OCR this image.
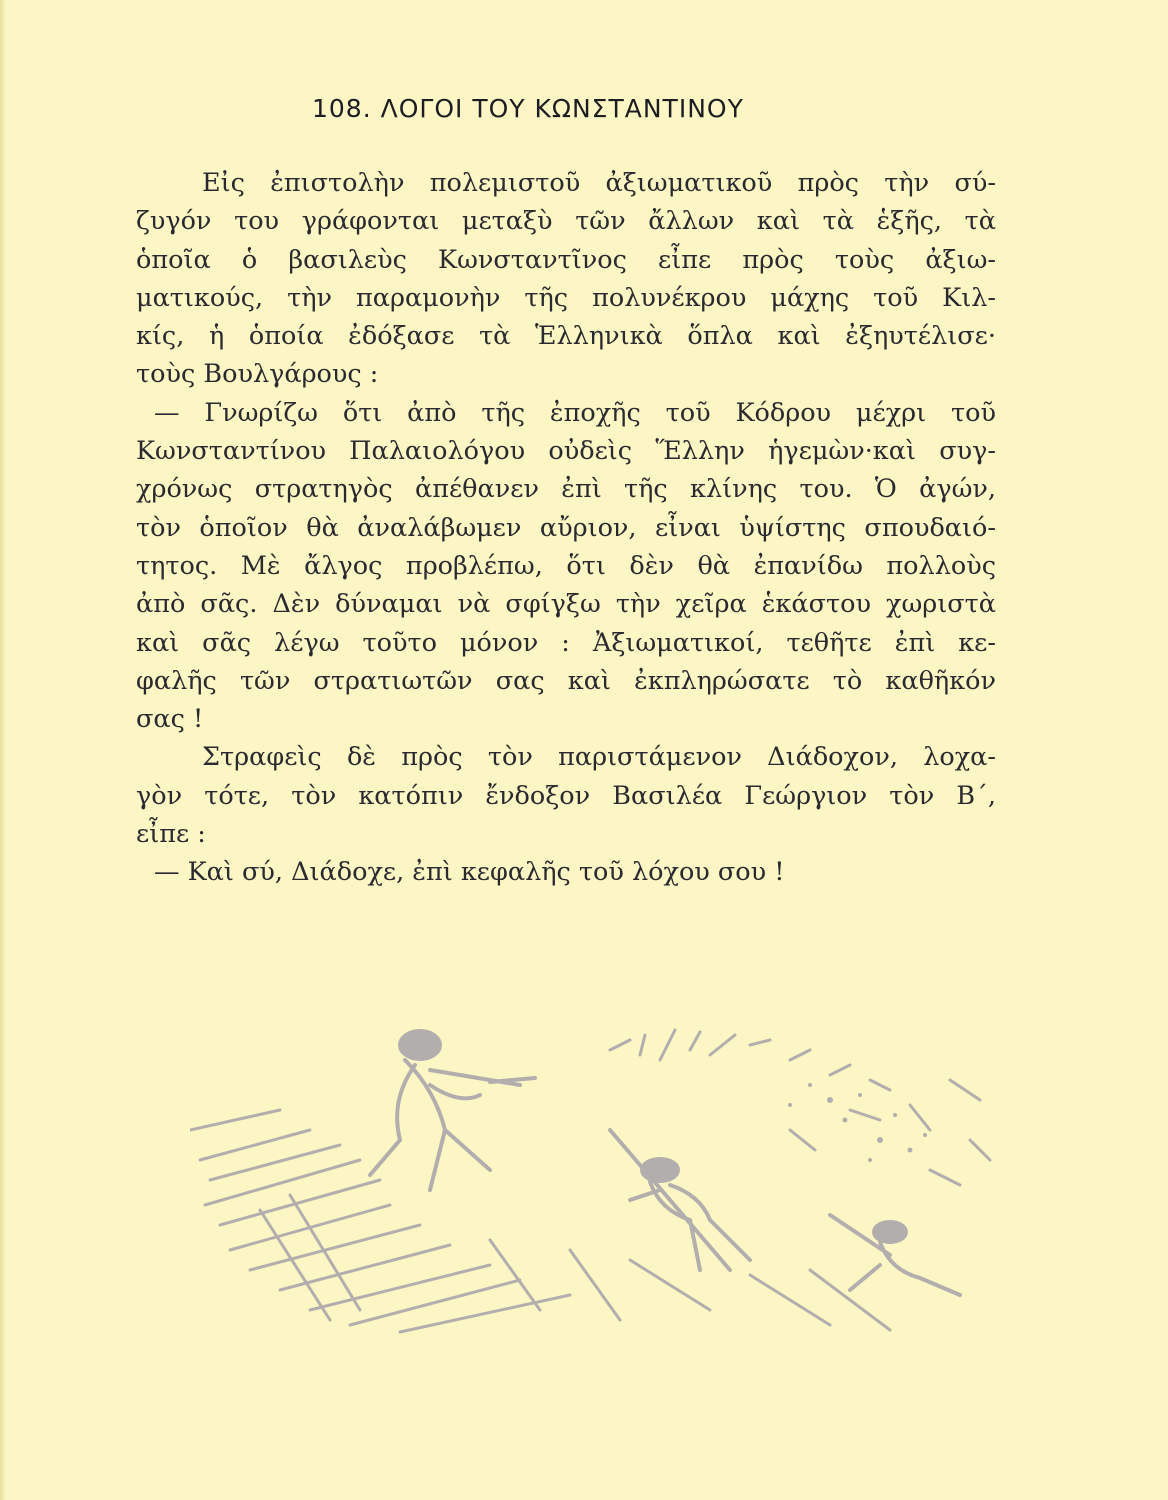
108. ΛΟΓΟΙ ΤΟΥ ΚΩΝΣΤΑΝΤΙΝΟΥ
Εἰς ἐπιστολὴν πολεμιστοῦ ἀξιωματικοῦ πρὸς τὴν σύ-
ζυγόν του γράφονται μεταξὺ τῶν ἄλλων καὶ τὰ ἑξῆς, τὰ
ὁποῖα ὁ βασιλεὺς Κωνσταντῖνος εἶπε πρὸς τοὺς ἀξιω-
ματικούς, τὴν παραμονὴν τῆς πολυνέκρου μάχης τοῦ Κιλ-
κίς, ἡ ὁποία ἐδόξασε τὰ Ἑλληνικὰ ὅπλα καὶ ἐξηυτέλισε·
τοὺς Βουλγάρους :
— Γνωρίζω ὅτι ἀπὸ τῆς ἐποχῆς τοῦ Κόδρου μέχρι τοῦ
Κωνσταντίνου Παλαιολόγου οὐδεὶς Ἕλλην ἡγεμὼν·καὶ συγ-
χρόνως στρατηγὸς ἀπέθανεν ἐπὶ τῆς κλίνης του. Ὁ ἀγών,
τὸν ὁποῖον θὰ ἀναλάβωμεν αὔριον, εἶναι ὑψίστης σπουδαιό-
τητος. Μὲ ἄλγος προβλέπω, ὅτι δὲν θὰ ἐπανίδω πολλοὺς
ἀπὸ σᾶς. Δὲν δύναμαι νὰ σφίγξω τὴν χεῖρα ἑκάστου χωριστὰ
καὶ σᾶς λέγω τοῦτο μόνον : Ἀξιωματικοί, τεθῆτε ἐπὶ κε-
φαλῆς τῶν στρατιωτῶν σας καὶ ἐκπληρώσατε τὸ καθῆκόν
σας !
Στραφεὶς δὲ πρὸς τὸν παριστάμενον Διάδοχον, λοχα-
γὸν τότε, τὸν κατόπιν ἔνδοξον Βασιλέα Γεώργιον τὸν Β΄,
εἶπε :
— Καὶ σύ, Διάδοχε, ἐπὶ κεφαλῆς τοῦ λόχου σου !
